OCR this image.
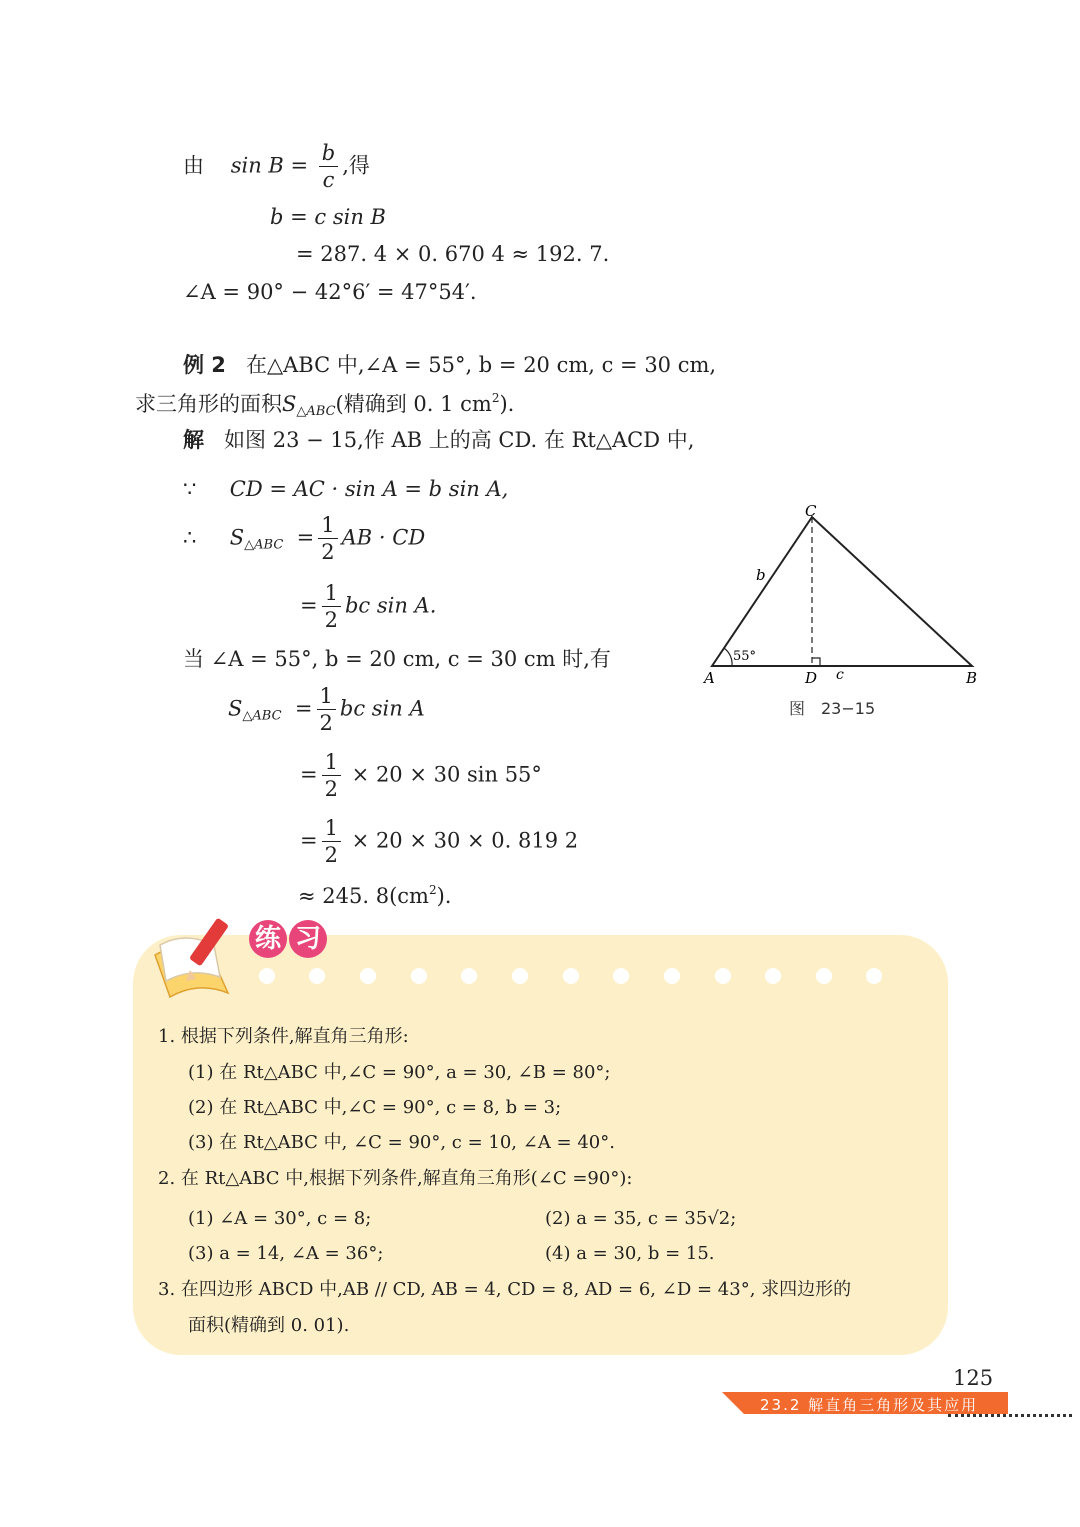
由 $\sin B = \frac{b}{c}$ ,得
b = c sin B
= 287. 4 × 0. 670 4 ≈ 192. 7.
∠A = 90° − 42°6′ = 47°54′.
例 2 在△ABC 中,∠A = 55°, b = 20 cm, c = 30 cm,
求三角形的面积$S_{\triangle ABC}$(精确到 0. 1 $cm^2$).
解 如图 23 − 15,作 AB 上的高 CD. 在 Rt△ACD 中,
∵ CD = AC · sin A = b sin A,
∴ $S_{\triangle ABC} = \frac{1}{2}$ AB · CD
= $\frac{1}{2}$ bc sin A.
当 ∠A = 55°, b = 20 cm, c = 30 cm 时,有
$S_{\triangle ABC} = \frac{1}{2}$ bc sin A
= $\frac{1}{2} \times 20 \times 30$ sin 55°
= $\frac{1}{2} \times 20 \times 30 \times 0$. 819 2
≈ 245. $8(cm^2)$.
C
A	B
D
b
c
55°
图　23−15
练 习
1. 根据下列条件,解直角三角形:
(1) 在 Rt△ABC 中,∠C = 90°, a = 30, ∠B = 80°;
(2) 在 Rt△ABC 中,∠C = 90°, c = 8, b = 3;
(3) 在 Rt△ABC 中, ∠C = 90°, c = 10, ∠A = 40°.
2. 在 Rt△ABC 中,根据下列条件,解直角三角形(∠C =90°):
(1) ∠A = 30°, c = 8;	(2) a = 35, c = 35√2;
(3) a = 14, ∠A = 36°;	(4) a = 30, b = 15.
3. 在四边形 ABCD 中,AB // CD, AB = 4, CD = 8, AD = 6, ∠D = 43°, 求四边形的
面积(精确到 0. 01).
125
23.2 解直角三角形及其应用
